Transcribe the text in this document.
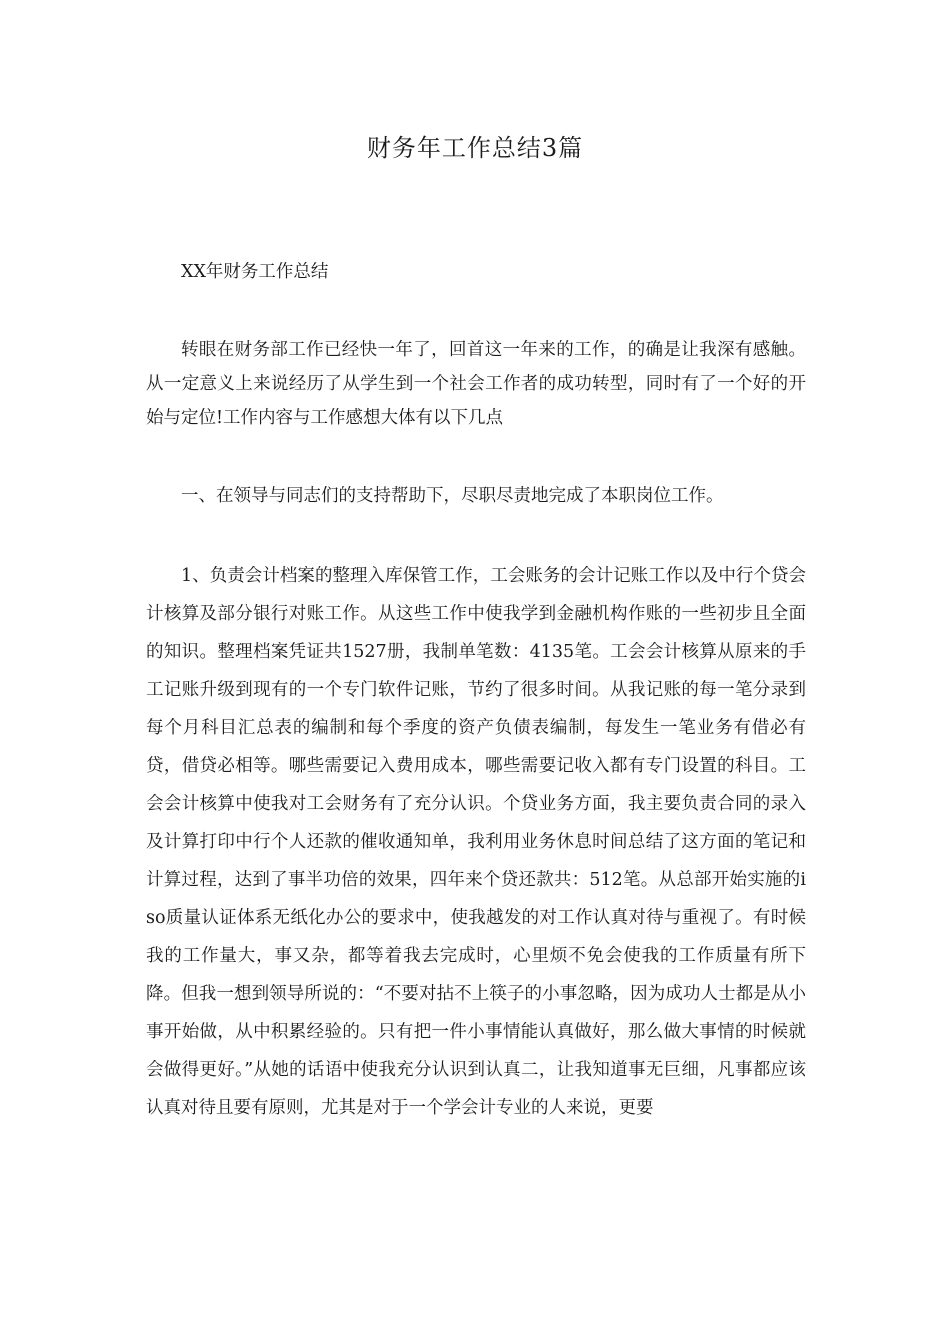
财务年工作总结3篇

XX年财务工作总结

转眼在财务部工作已经快一年了，回首这一年来的工作，的确是让我深有感触。从一定意义上来说经历了从学生到一个社会工作者的成功转型，同时有了一个好的开始与定位!工作内容与工作感想大体有以下几点

一、在领导与同志们的支持帮助下，尽职尽责地完成了本职岗位工作。

1、负责会计档案的整理入库保管工作，工会账务的会计记账工作以及中行个贷会计核算及部分银行对账工作。从这些工作中使我学到金融机构作账的一些初步且全面的知识。整理档案凭证共1527册，我制单笔数：4135笔。工会会计核算从原来的手工记账升级到现有的一个专门软件记账，节约了很多时间。从我记账的每一笔分录到每个月科目汇总表的编制和每个季度的资产负债表编制，每发生一笔业务有借必有贷，借贷必相等。哪些需要记入费用成本，哪些需要记收入都有专门设置的科目。工会会计核算中使我对工会财务有了充分认识。个贷业务方面，我主要负责合同的录入及计算打印中行个人还款的催收通知单，我利用业务休息时间总结了这方面的笔记和计算过程，达到了事半功倍的效果，四年来个贷还款共：512笔。从总部开始实施的iso质量认证体系无纸化办公的要求中，使我越发的对工作认真对待与重视了。有时候我的工作量大，事又杂，都等着我去完成时，心里烦不免会使我的工作质量有所下降。但我一想到领导所说的：“不要对拈不上筷子的小事忽略，因为成功人士都是从小事开始做，从中积累经验的。只有把一件小事情能认真做好，那么做大事情的时候就会做得更好。”从她的话语中使我充分认识到认真二，让我知道事无巨细，凡事都应该认真对待且要有原则，尤其是对于一个学会计专业的人来说，更要
